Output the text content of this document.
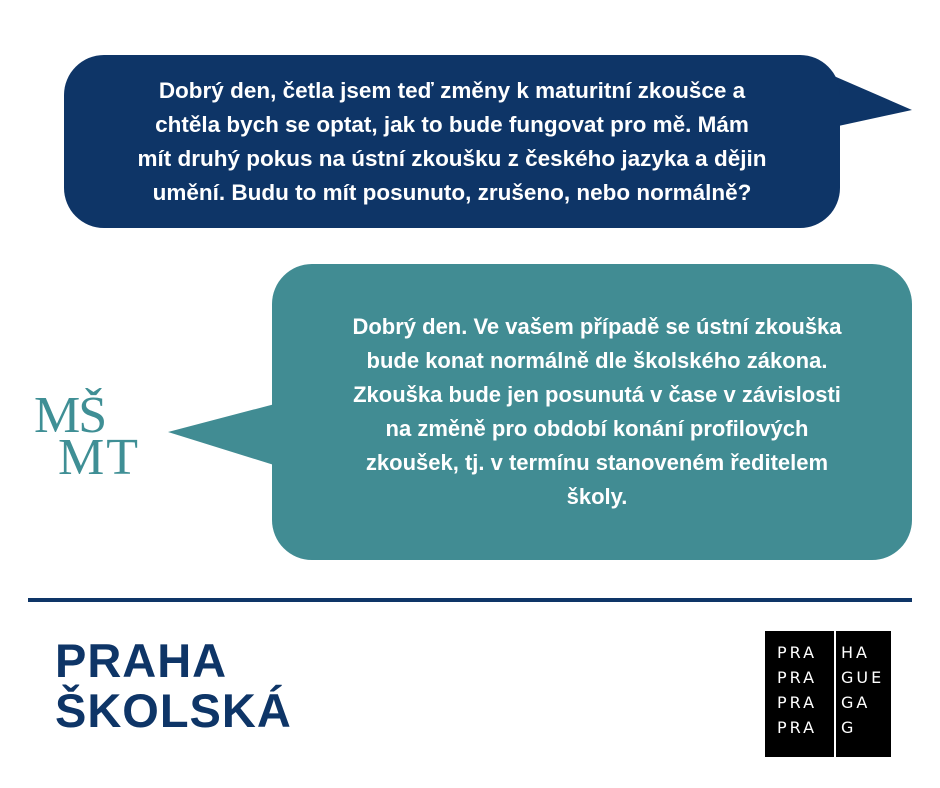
Dobrý den, četla jsem teď změny k maturitní zkoušce a
chtěla bych se optat, jak to bude fungovat pro mě. Mám
mít druhý pokus na ústní zkoušku z českého jazyka a dějin
umění. Budu to mít posunuto, zrušeno, nebo normálně?
Dobrý den. Ve vašem případě se ústní zkouška
bude konat normálně dle školského zákona.
Zkouška bude jen posunutá v čase v závislosti
na změně pro období konání profilových
zkoušek, tj. v termínu stanoveném ředitelem
školy.
MŠ
MT
PRAHA
ŠKOLSKÁ
PRA
PRA
PRA
PRA
HA
GUE
GA
G
